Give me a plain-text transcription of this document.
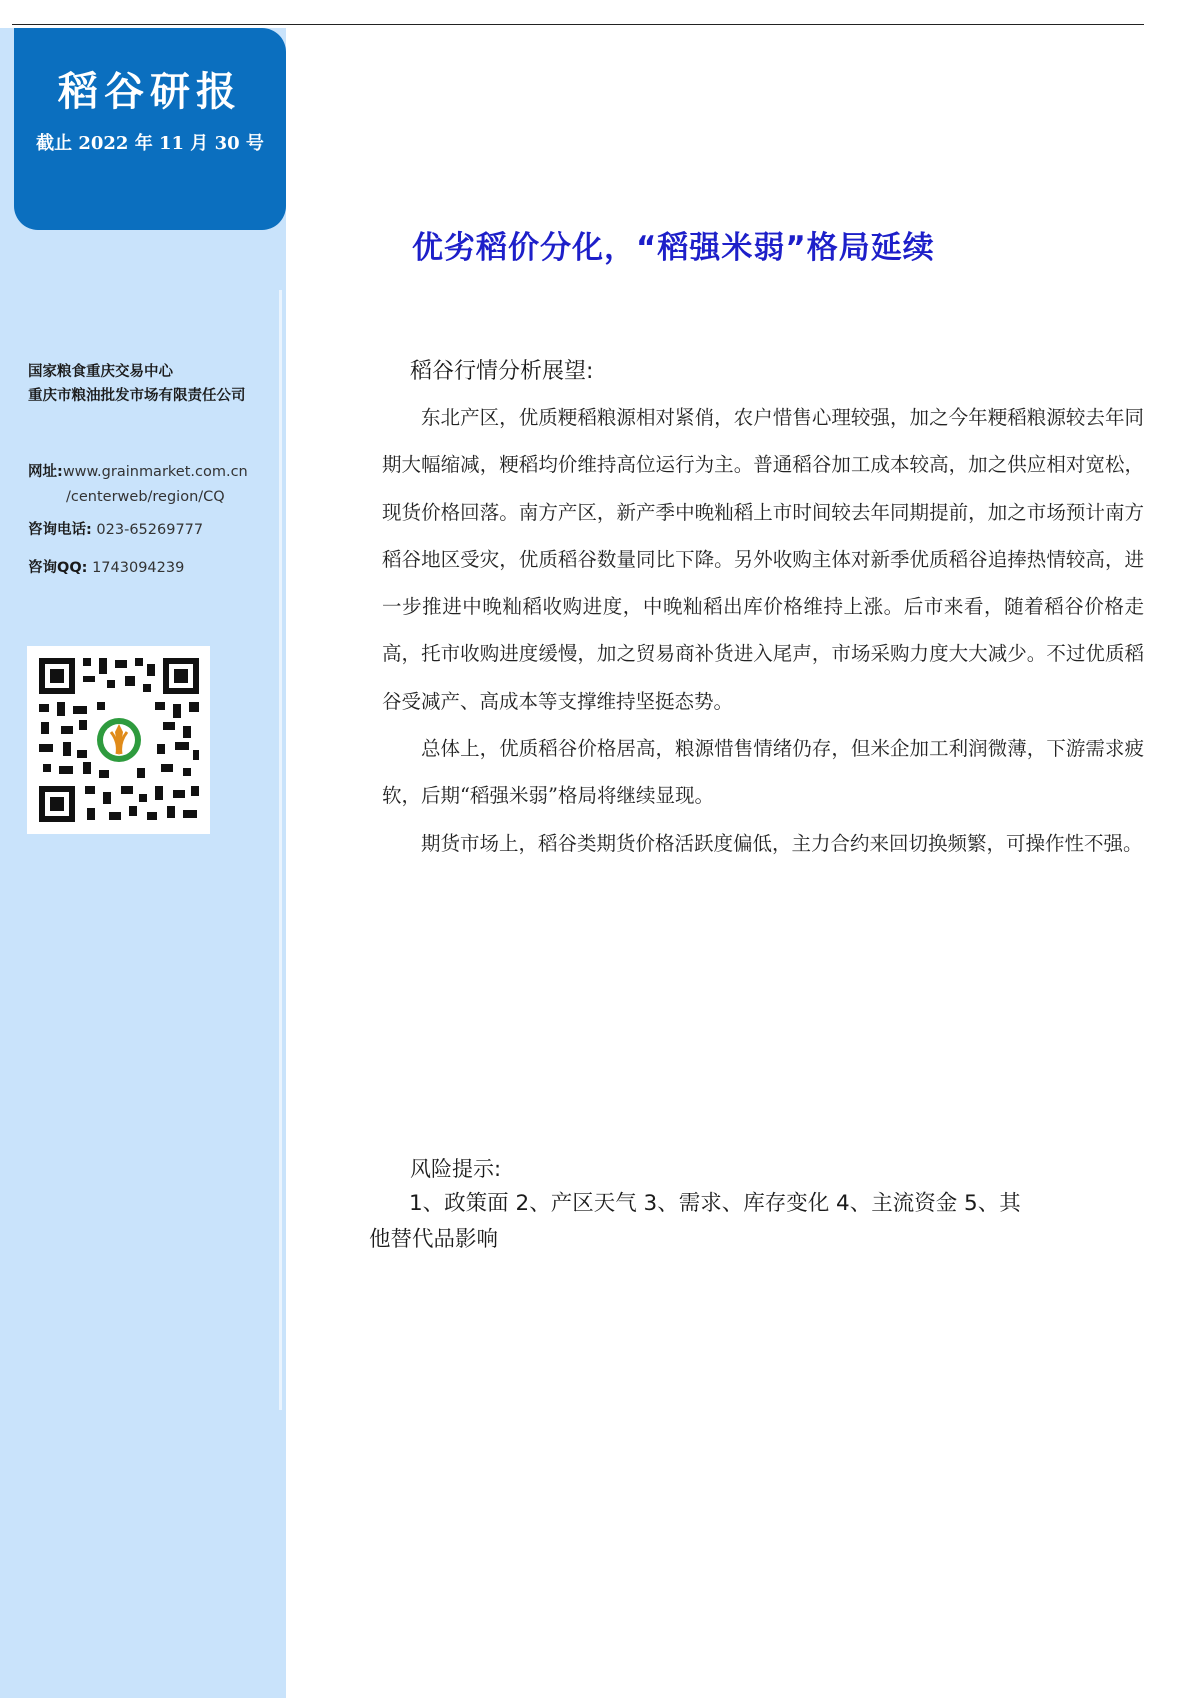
稻谷研报
截止 2022 年 11 月 30 号
国家粮食重庆交易中心
重庆市粮油批发市场有限责任公司
网址:www.grainmarket.com.cn
/centerweb/region/CQ
咨询电话: 023-65269777
咨询QQ: 1743094239
优劣稻价分化，“稻强米弱”格局延续
稻谷行情分析展望:

东北产区，优质粳稻粮源相对紧俏，农户惜售心理较强，加之今年粳稻粮源较去年同期大幅缩减，粳稻均价维持高位运行为主。普通稻谷加工成本较高，加之供应相对宽松，现货价格回落。南方产区，新产季中晚籼稻上市时间较去年同期提前，加之市场预计南方稻谷地区受灾，优质稻谷数量同比下降。另外收购主体对新季优质稻谷追捧热情较高，进一步推进中晚籼稻收购进度，中晚籼稻出库价格维持上涨。后市来看，随着稻谷价格走高，托市收购进度缓慢，加之贸易商补货进入尾声，市场采购力度大大减少。不过优质稻谷受减产、高成本等支撑维持坚挺态势。

总体上，优质稻谷价格居高，粮源惜售情绪仍存，但米企加工利润微薄，下游需求疲软，后期“稻强米弱”格局将继续显现。

期货市场上，稻谷类期货价格活跃度偏低，主力合约来回切换频繁，可操作性不强。

风险提示:
1、政策面 2、产区天气 3、需求、库存变化 4、主流资金 5、其
他替代品影响
